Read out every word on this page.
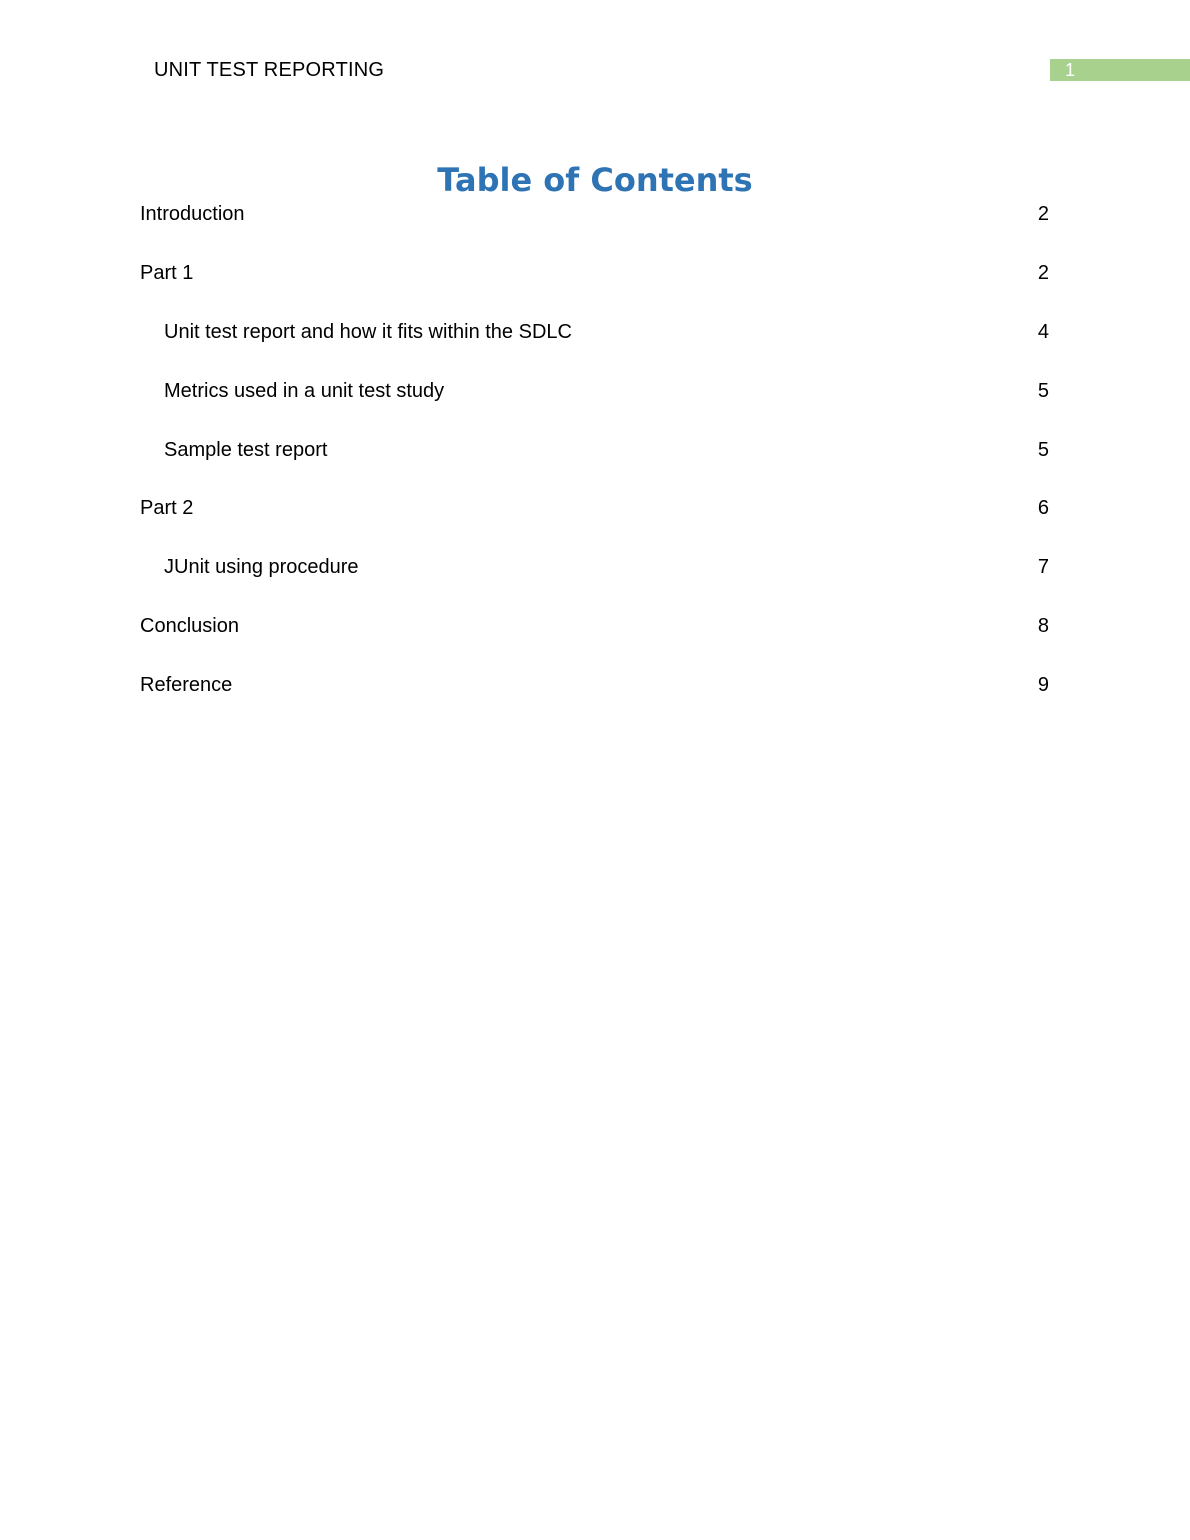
UNIT TEST REPORTING	1
Table of Contents
Introduction	2
Part 1	2
Unit test report and how it fits within the SDLC	4
Metrics used in a unit test study	5
Sample test report	5
Part 2	6
JUnit using procedure	7
Conclusion	8
Reference	9
